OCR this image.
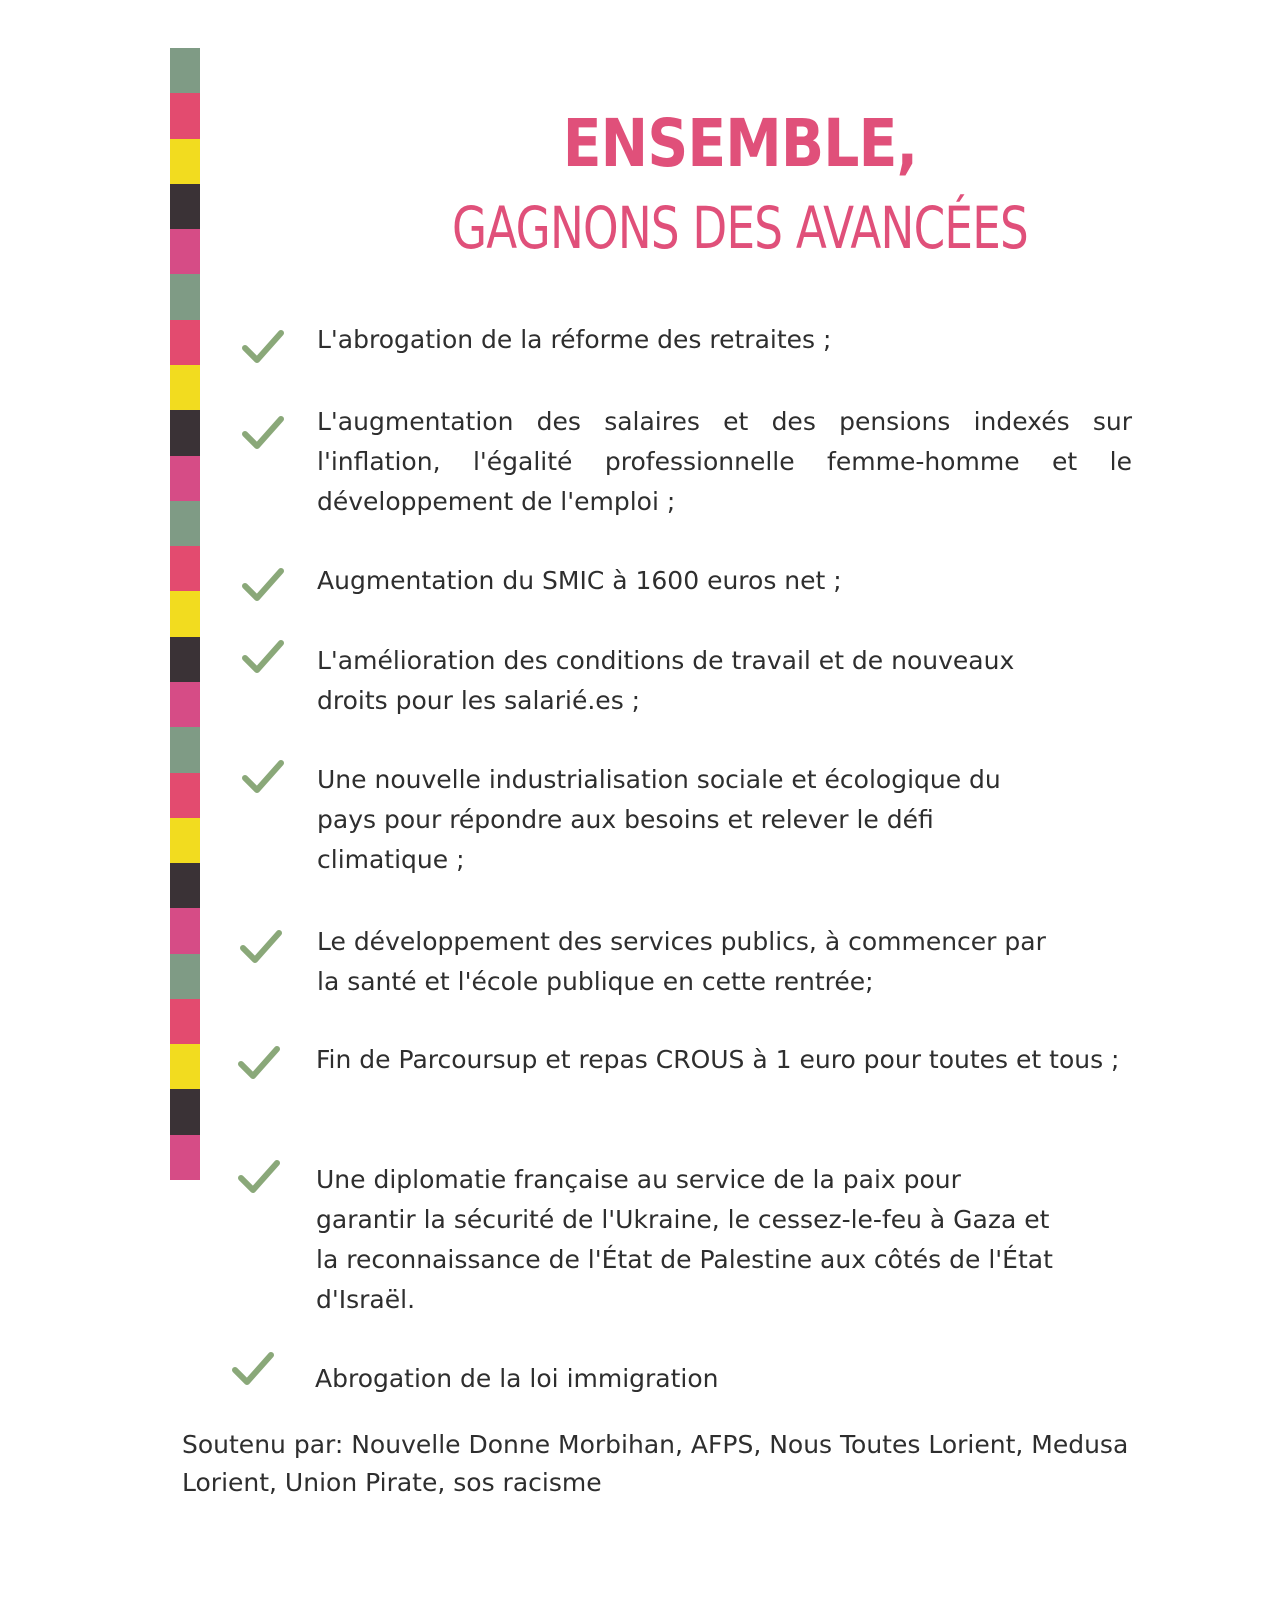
ENSEMBLE,
GAGNONS DES AVANCÉES
L'abrogation de la réforme des retraites ;
L'augmentation des salaires et des pensions indexés sur l'inflation, l'égalité professionnelle femme-homme et le développement de l'emploi ;
Augmentation du SMIC à 1600 euros net ;
L'amélioration des conditions de travail et de nouveaux droits pour les salarié.es ;
Une nouvelle industrialisation sociale et écologique du pays pour répondre aux besoins et relever le défi climatique ;
Le développement des services publics, à commencer par la santé et l'école publique en cette rentrée;
Fin de Parcoursup et repas CROUS à 1 euro pour toutes et tous ;
Une diplomatie française au service de la paix pour garantir la sécurité de l'Ukraine, le cessez-le-feu à Gaza et la reconnaissance de l'État de Palestine aux côtés de l'État d'Israël.
Abrogation de la loi immigration
Soutenu par: Nouvelle Donne Morbihan, AFPS, Nous Toutes Lorient, Medusa Lorient, Union Pirate, sos racisme
